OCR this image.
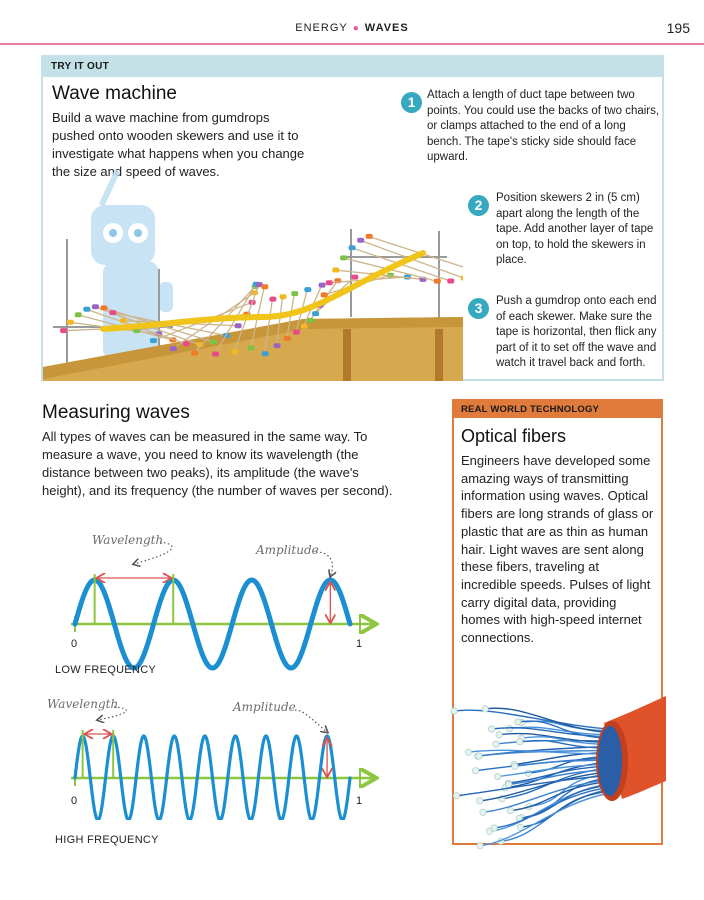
ENERGY ● WAVES	195
TRY IT OUT
Wave machine
Build a wave machine from gumdrops pushed onto wooden skewers and use it to investigate what happens when you change the size and speed of waves.
1	Attach a length of duct tape between two points. You could use the backs of two chairs, or clamps attached to the end of a long bench. The tape's sticky side should face upward.
2	Position skewers 2 in (5 cm) apart along the length of the tape. Add another layer of tape on top, to hold the skewers in place.
3	Push a gumdrop onto each end of each skewer. Make sure the tape is horizontal, then flick any part of it to set off the wave and watch it travel back and forth.
Measuring waves
All types of waves can be measured in the same way. To measure a wave, you need to know its wavelength (the distance between two peaks), its amplitude (the wave's height), and its frequency (the number of waves per second).
Wavelength
Amplitude
0	1
LOW FREQUENCY
Wavelength	Amplitude
0	1
HIGH FREQUENCY
REAL WORLD TECHNOLOGY
Optical fibers
Engineers have developed some amazing ways of transmitting information using waves. Optical fibers are long strands of glass or plastic that are as thin as human hair. Light waves are sent along these fibers, traveling at incredible speeds. Pulses of light carry digital data, providing homes with high-speed internet connections.
